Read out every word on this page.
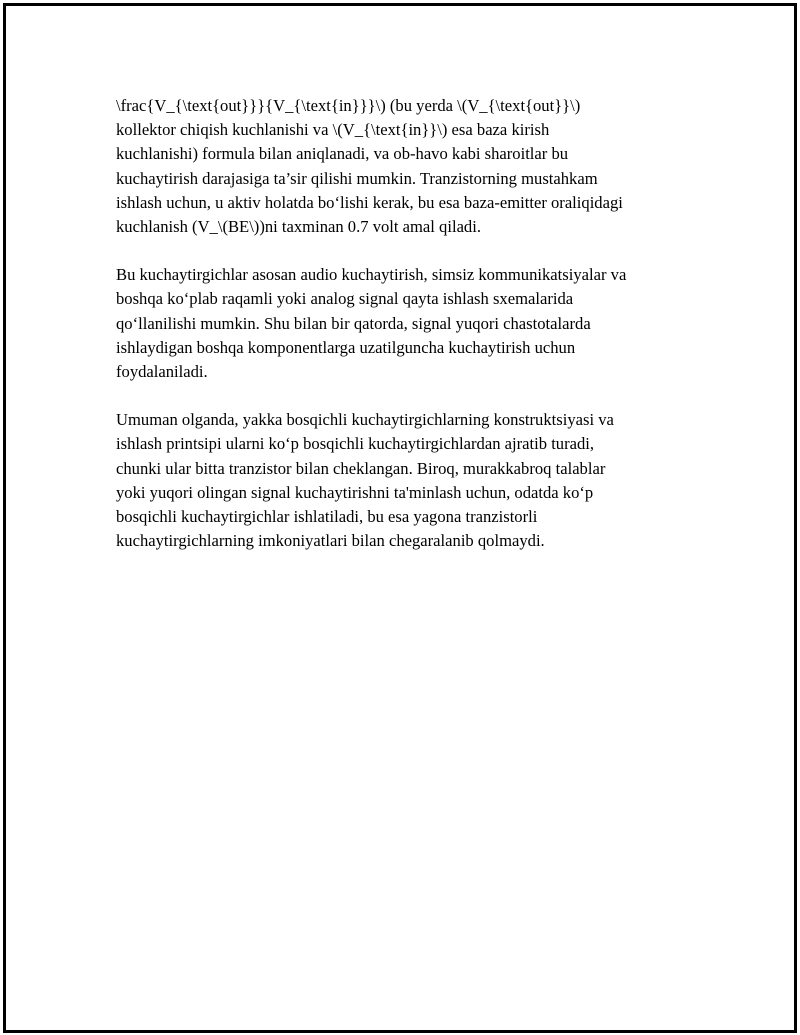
\frac{V_{\text{out}}}{V_{\text{in}}}\) (bu yerda \(V_{\text{out}}\)
kollektor chiqish kuchlanishi va \(V_{\text{in}}\) esa baza kirish
kuchlanishi) formula bilan aniqlanadi, va ob-havo kabi sharoitlar bu
kuchaytirish darajasiga ta’sir qilishi mumkin. Tranzistorning mustahkam
ishlash uchun, u aktiv holatda bo‘lishi kerak, bu esa baza-emitter oraliqidagi
kuchlanish (V_\(BE\))ni taxminan 0.7 volt amal qiladi.

Bu kuchaytirgichlar asosan audio kuchaytirish, simsiz kommunikatsiyalar va
boshqa ko‘plab raqamli yoki analog signal qayta ishlash sxemalarida
qo‘llanilishi mumkin. Shu bilan bir qatorda, signal yuqori chastotalarda
ishlaydigan boshqa komponentlarga uzatilguncha kuchaytirish uchun
foydalaniladi.

Umuman olganda, yakka bosqichli kuchaytirgichlarning konstruktsiyasi va
ishlash printsipi ularni ko‘p bosqichli kuchaytirgichlardan ajratib turadi,
chunki ular bitta tranzistor bilan cheklangan. Biroq, murakkabroq talablar
yoki yuqori olingan signal kuchaytirishni ta'minlash uchun, odatda ko‘p
bosqichli kuchaytirgichlar ishlatiladi, bu esa yagona tranzistorli
kuchaytirgichlarning imkoniyatlari bilan chegaralanib qolmaydi.
